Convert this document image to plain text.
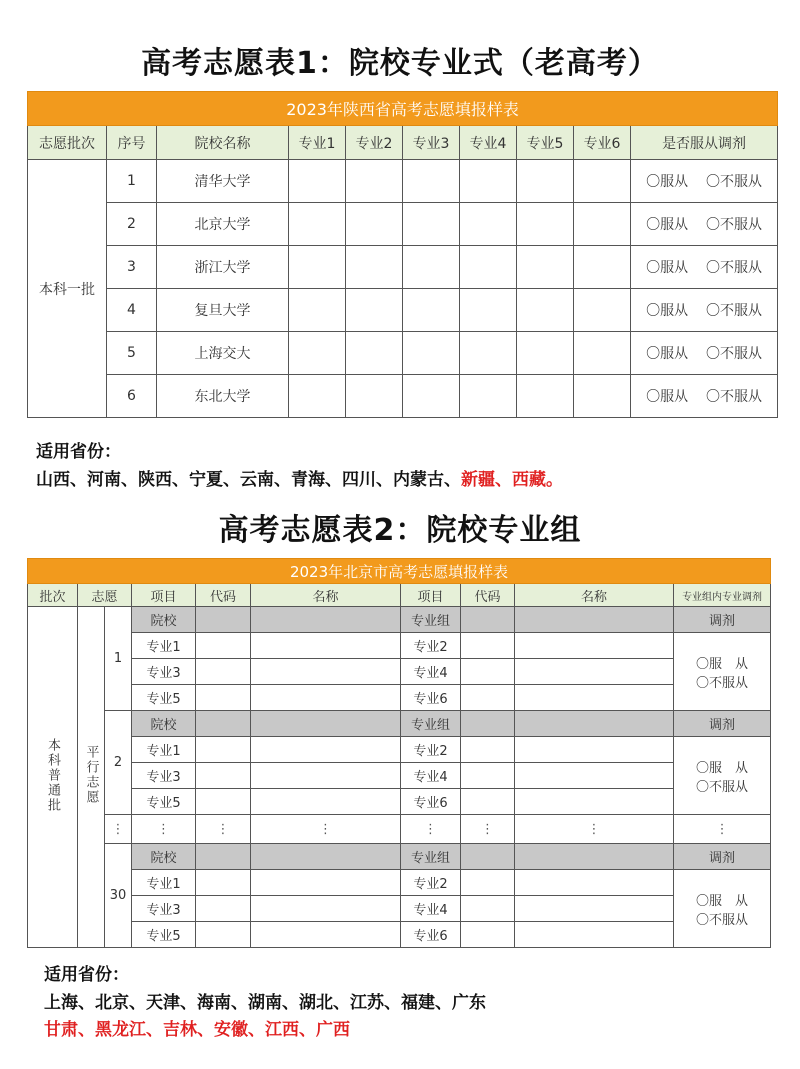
高考志愿表1：院校专业式（老高考）
2023年陕西省高考志愿填报样表									
志愿批次	序号	院校名称	专业1	专业2	专业3	专业4	专业5	专业6	是否服从调剂
本科一批	1	清华大学							〇服从 〇不服从
	2	北京大学							〇服从 〇不服从
	3	浙江大学							〇服从 〇不服从
	4	复旦大学							〇服从 〇不服从
	5	上海交大							〇服从 〇不服从
	6	东北大学							〇服从 〇不服从
适用省份：
山西、河南、陕西、宁夏、云南、青海、四川、内蒙古、新疆、西藏。
高考志愿表2：院校专业组
2023年北京市高考志愿填报样表									
批次	志愿		项目	代码	名称	项目	代码	名称	专业组内专业调剂
本科普通批	平行志愿	1	院校			专业组			调剂
			专业1			专业2			〇服　从
〇不服从

			专业3			专业4			
			专业5			专业6			
		2	院校			专业组			调剂
			专业1			专业2			〇服　从
〇不服从

			专业3			专业4			
			专业5			专业6			
		⋮	⋮	⋮	⋮	⋮	⋮	⋮	⋮
		30	院校			专业组			调剂
			专业1			专业2			〇服　从
〇不服从

			专业3			专业4			
			专业5			专业6			
适用省份：
上海、北京、天津、海南、湖南、湖北、江苏、福建、广东
甘肃、黑龙江、吉林、安徽、江西、广西
